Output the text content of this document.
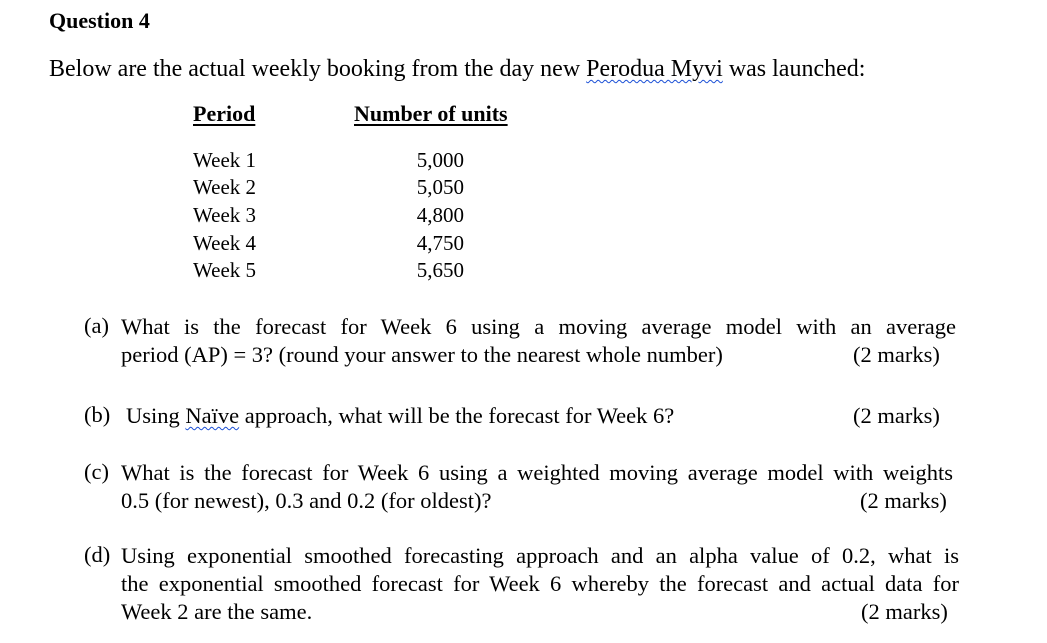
Question 4
Below are the actual weekly booking from the day new Perodua Myvi was launched:
Period	Number of units
Week 1	5,000
Week 2	5,050
Week 3	4,800
Week 4	4,750
Week 5	5,650
(a) What is the forecast for Week 6 using a moving average model with an average
period (AP) = 3? (round your answer to the nearest whole number)	(2 marks)
(b) Using Naïve approach, what will be the forecast for Week 6?	(2 marks)
(c) What is the forecast for Week 6 using a weighted moving average model with weights
0.5 (for newest), 0.3 and 0.2 (for oldest)?	(2 marks)
(d) Using exponential smoothed forecasting approach and an alpha value of 0.2, what is
the exponential smoothed forecast for Week 6 whereby the forecast and actual data for
Week 2 are the same.	(2 marks)
